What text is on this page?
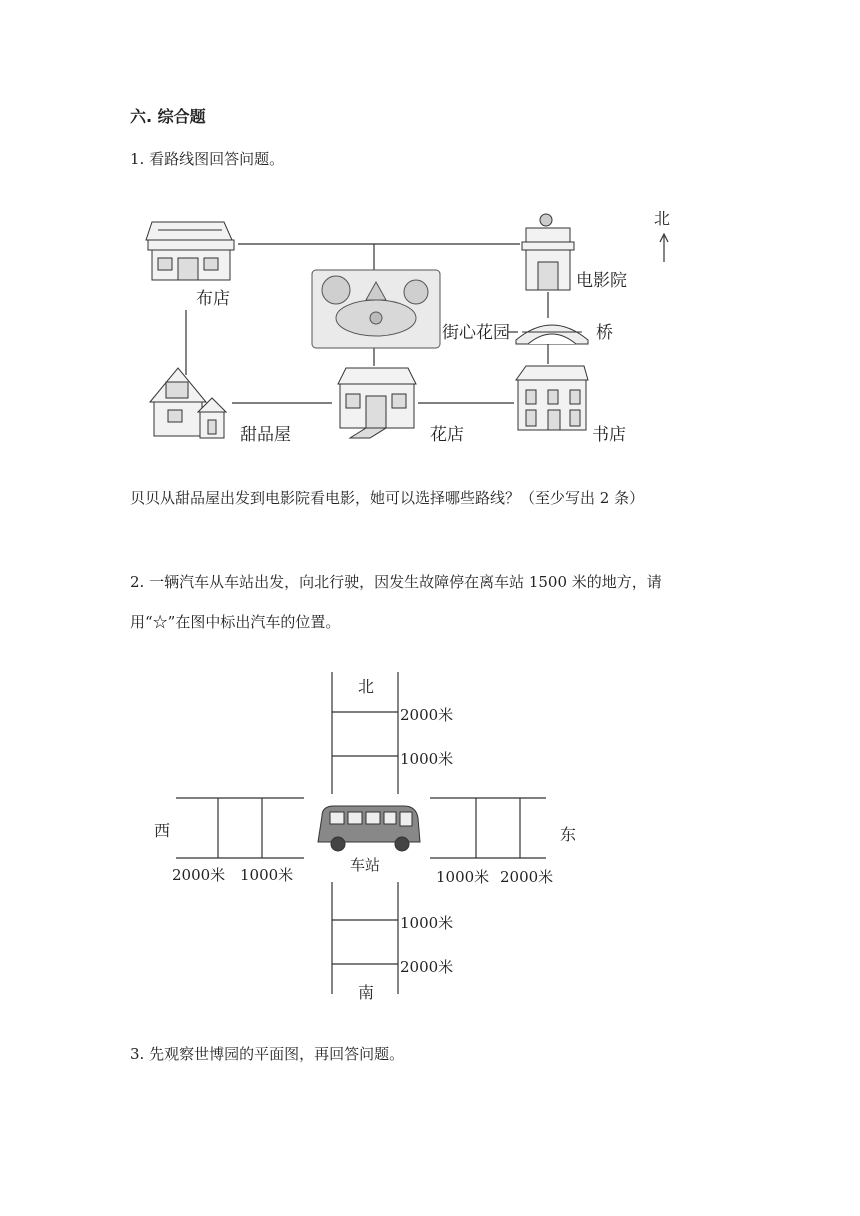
六. 综合题
1. 看路线图回答问题。
贝贝从甜品屋出发到电影院看电影，她可以选择哪些路线？（至少写出 2 条）
2. 一辆汽车从车站出发，向北行驶，因发生故障停在离车站 1500 米的地方，请
用“☆”在图中标出汽车的位置。
3. 先观察世博园的平面图，再回答问题。
布店
街心花园
电影院
桥
甜品屋	花店	书店
北
北
南
西	东
车站
2000米
1000米
1000米
2000米
2000米 1000米	1000米 2000米
